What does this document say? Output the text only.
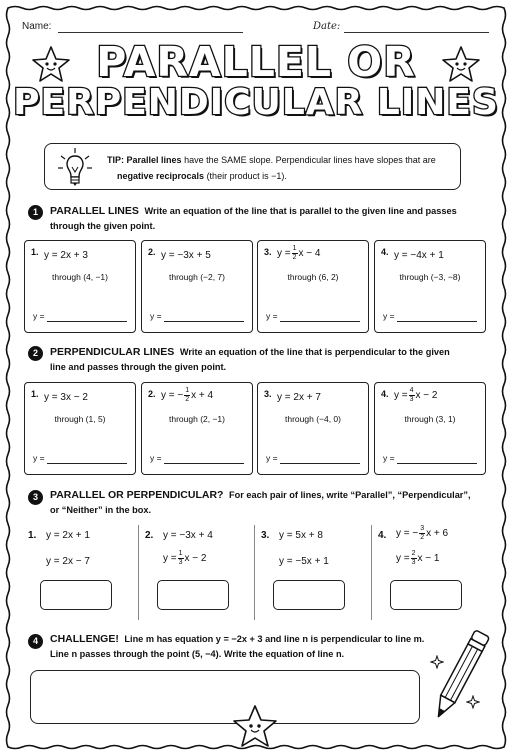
Name:	Date:
PARALLEL OR
PERPENDICULAR LINES
TIP: Parallel lines have the SAME slope. Perpendicular lines have slopes that are
negative reciprocals (their product is −1).
1	PARALLEL LINES Write an equation of the line that is parallel to the given line and passes through the given point.
1. y = 2x + 3
through (4, −1)
y =
2. y = −3x + 5
through (−2, 7)
y =
3. $y = \frac{1}{2}$ x − 4
through (6, 2)
y =
4. y = −4x + 1
through (−3, −8)
y =
2	PERPENDICULAR LINES Write an equation of the line that is perpendicular to the given line and passes through the given point.
1. y = 3x − 2
through (1, 5)
y =
2. y = − $\frac{1}{2}$ x + 4
through (2, −1)
y =
3. y = 2x + 7
through (−4, 0)
y =
4. $y = \frac{4}{3}$ x − 2
through (3, 1)
y =
3	PARALLEL OR PERPENDICULAR? For each pair of lines, write “Parallel”, “Perpendicular”, or “Neither” in the box.
1. y = 2x + 1
y = 2x − 7
2. y = −3x + 4
$y = \frac{1}{3}$ x − 2
3. y = 5x + 8
y = −5x + 1
4. y = − $\frac{3}{2}$ x + 6
$y = \frac{2}{3}$ x − 1
4	CHALLENGE! Line m has equation y = −2x + 3 and line n is perpendicular to line m.
Line n passes through the point (5, −4). Write the equation of line n.
